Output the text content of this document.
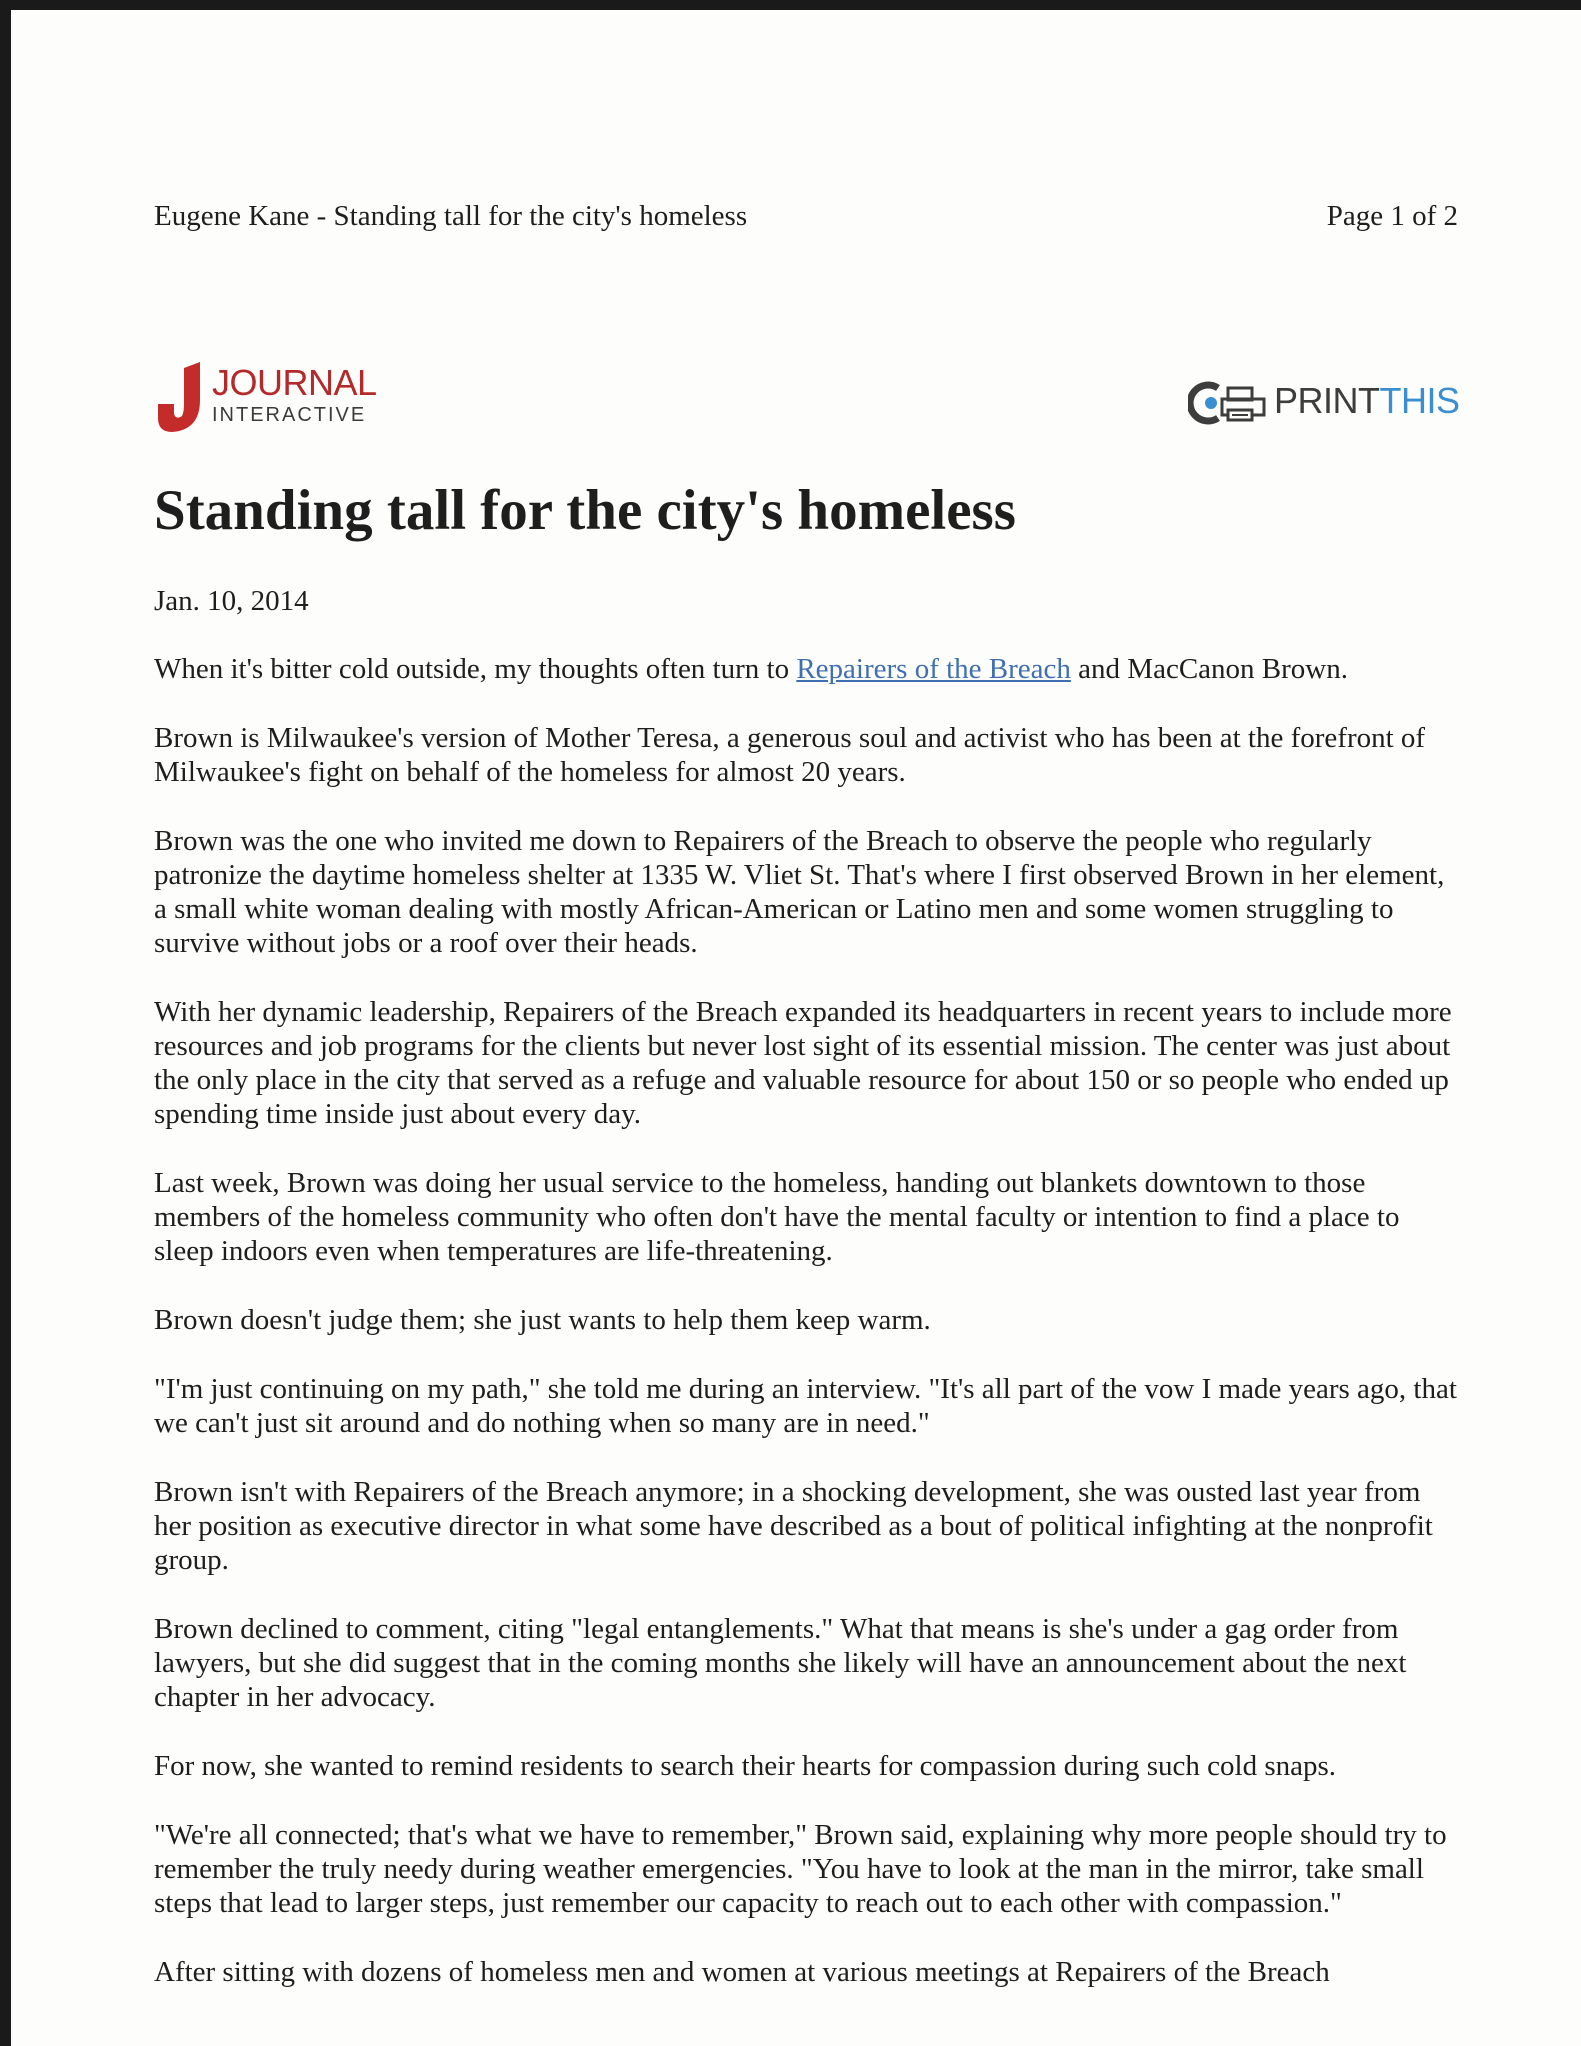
Eugene Kane - Standing tall for the city's homeless	Page 1 of 2
JOURNAL
INTERACTIVE	PRINTTHIS
Standing tall for the city's homeless
Jan. 10, 2014

When it's bitter cold outside, my thoughts often turn to Repairers of the Breach and MacCanon Brown.

Brown is Milwaukee's version of Mother Teresa, a generous soul and activist who has been at the forefront of Milwaukee's fight on behalf of the homeless for almost 20 years.

Brown was the one who invited me down to Repairers of the Breach to observe the people who regularly patronize the daytime homeless shelter at 1335 W. Vliet St. That's where I first observed Brown in her element, a small white woman dealing with mostly African-American or Latino men and some women struggling to survive without jobs or a roof over their heads.

With her dynamic leadership, Repairers of the Breach expanded its headquarters in recent years to include more resources and job programs for the clients but never lost sight of its essential mission. The center was just about the only place in the city that served as a refuge and valuable resource for about 150 or so people who ended up spending time inside just about every day.

Last week, Brown was doing her usual service to the homeless, handing out blankets downtown to those members of the homeless community who often don't have the mental faculty or intention to find a place to sleep indoors even when temperatures are life-threatening.

Brown doesn't judge them; she just wants to help them keep warm.

"I'm just continuing on my path," she told me during an interview. "It's all part of the vow I made years ago, that we can't just sit around and do nothing when so many are in need."

Brown isn't with Repairers of the Breach anymore; in a shocking development, she was ousted last year from her position as executive director in what some have described as a bout of political infighting at the nonprofit group.

Brown declined to comment, citing "legal entanglements." What that means is she's under a gag order from lawyers, but she did suggest that in the coming months she likely will have an announcement about the next chapter in her advocacy.

For now, she wanted to remind residents to search their hearts for compassion during such cold snaps.

"We're all connected; that's what we have to remember," Brown said, explaining why more people should try to remember the truly needy during weather emergencies. "You have to look at the man in the mirror, take small steps that lead to larger steps, just remember our capacity to reach out to each other with compassion."

After sitting with dozens of homeless men and women at various meetings at Repairers of the Breach
